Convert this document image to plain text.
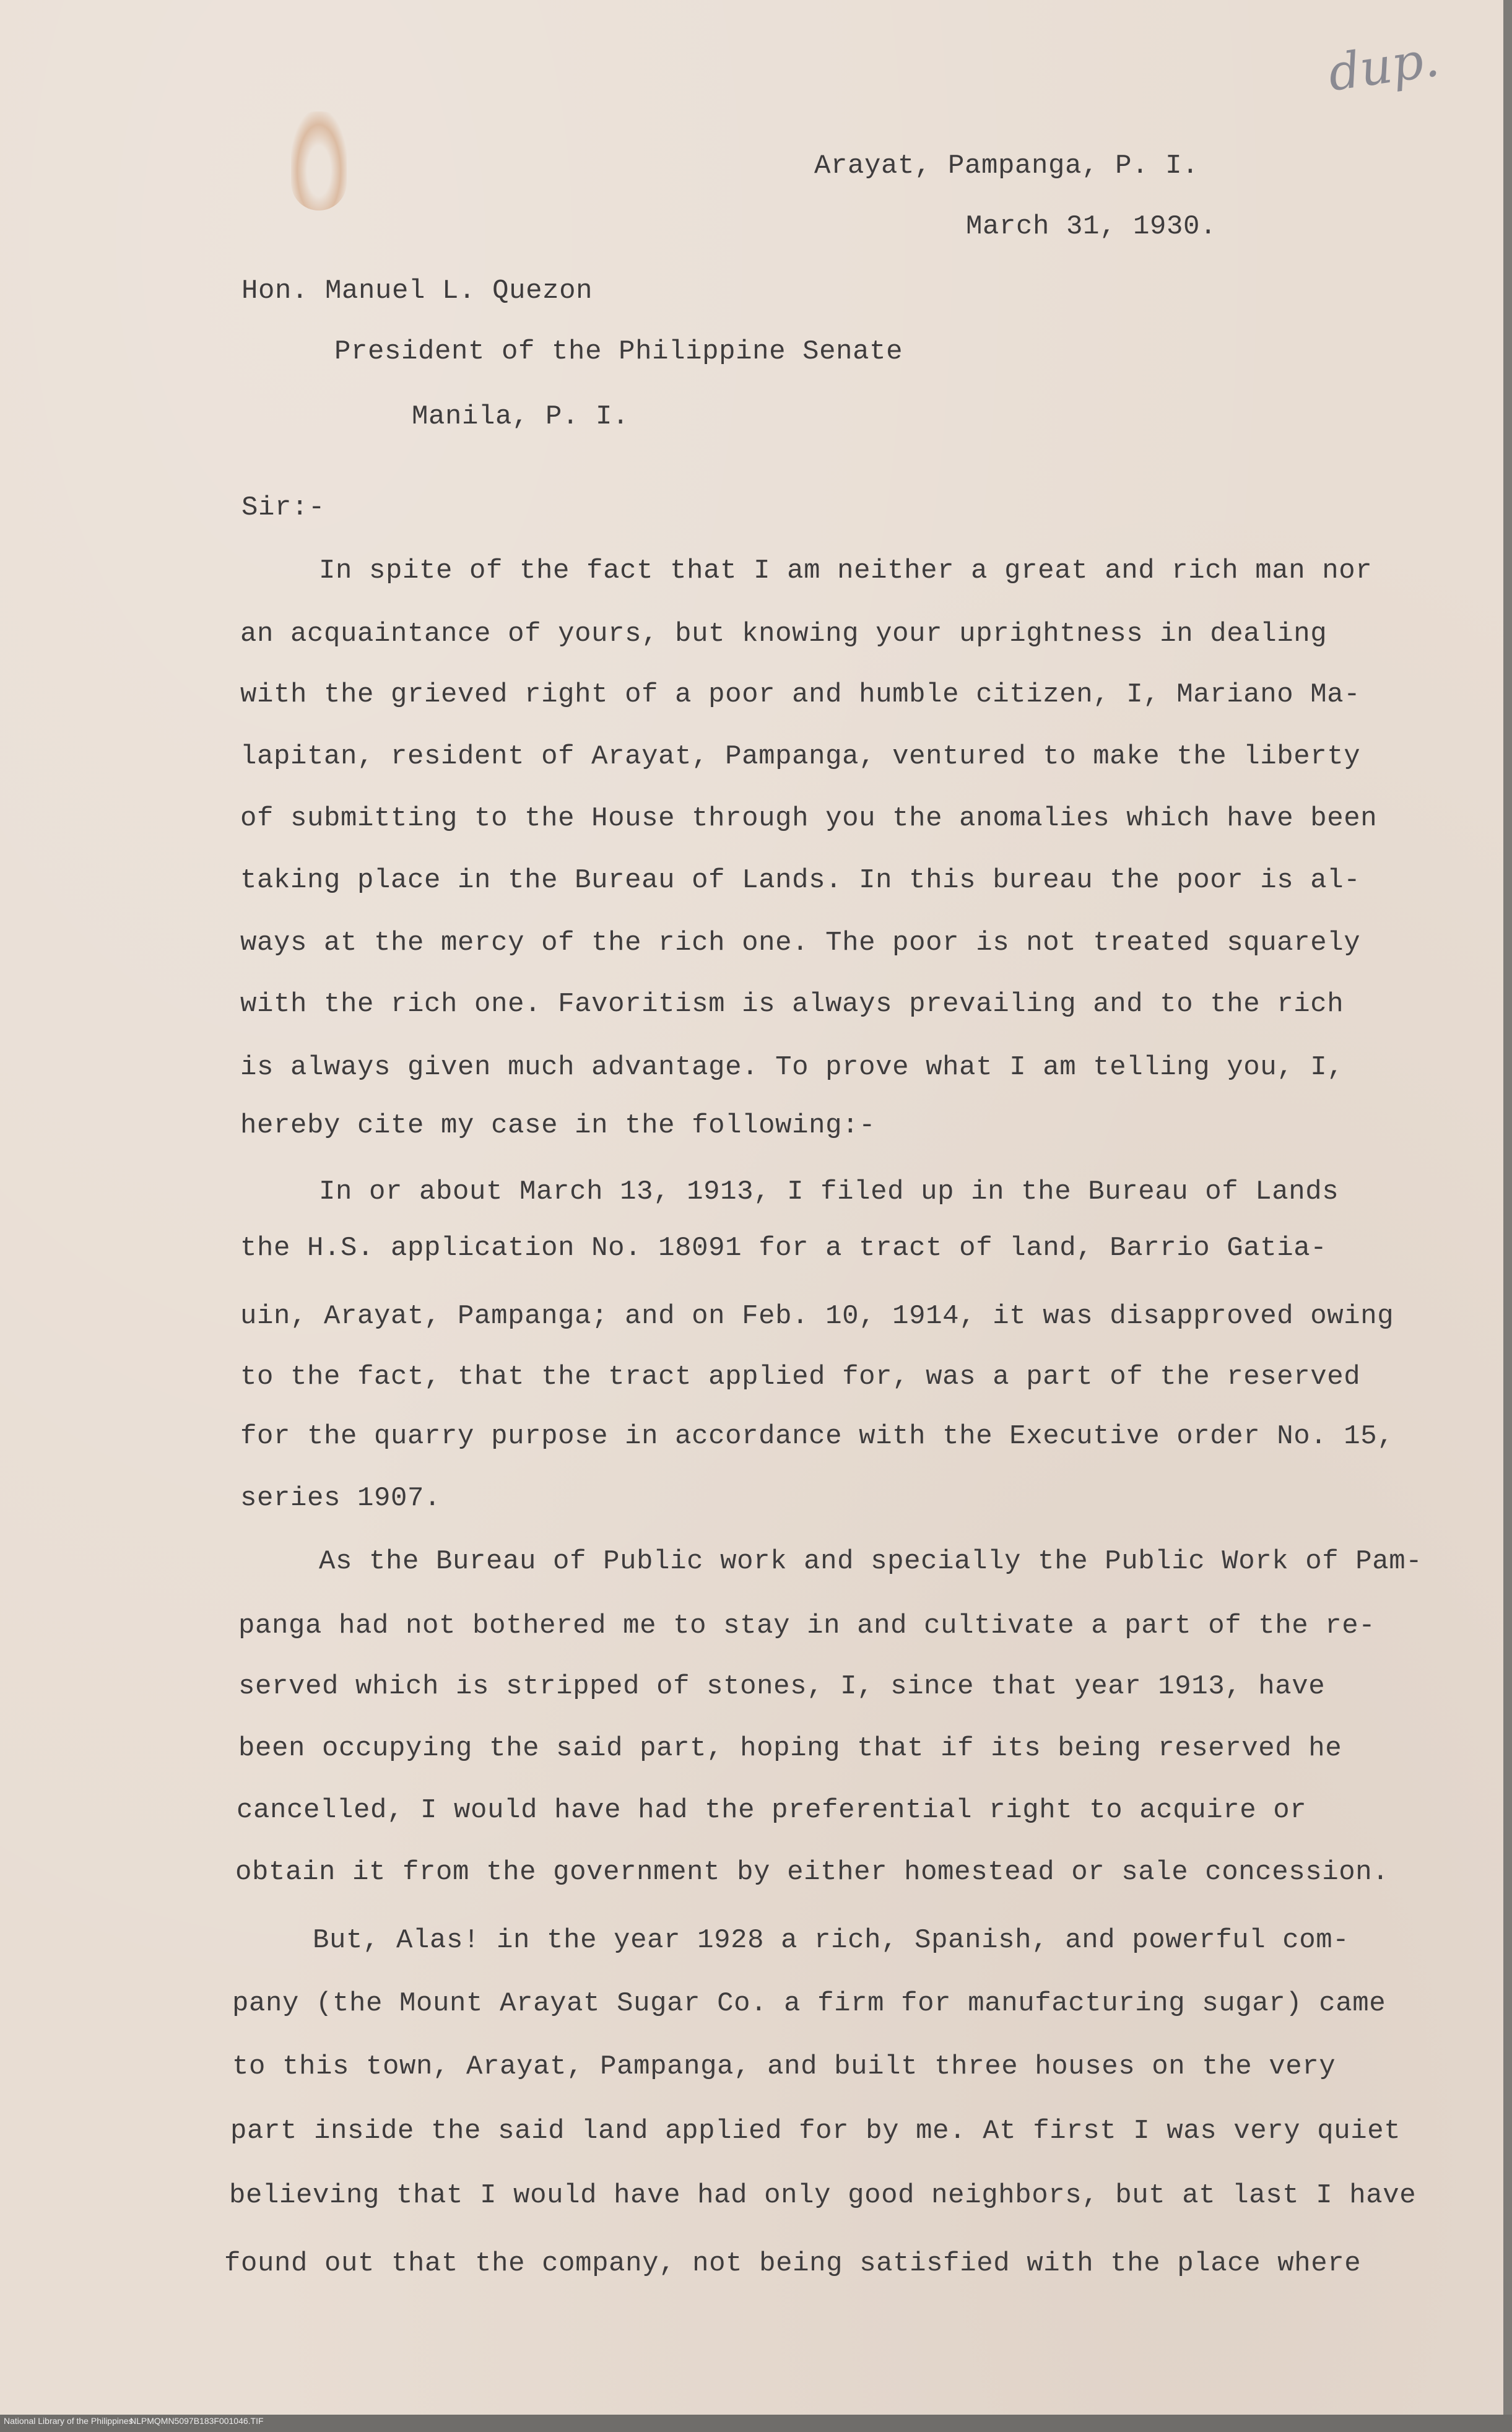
dup.
Arayat, Pampanga, P. I.
March 31, 1930.
Hon. Manuel L. Quezon
President of the Philippine Senate
Manila, P. I.
Sir:-
In spite of the fact that I am neither a great and rich man nor
an acquaintance of yours, but knowing your uprightness in dealing
with the grieved right of a poor and humble citizen, I, Mariano Ma-
lapitan, resident of Arayat, Pampanga, ventured to make the liberty
of submitting to the House through you the anomalies which have been
taking place in the Bureau of Lands. In this bureau the poor is al-
ways at the mercy of the rich one. The poor is not treated squarely
with the rich one. Favoritism is always prevailing and to the rich
is always given much advantage. To prove what I am telling you, I,
hereby cite my case in the following:-
In or about March 13, 1913, I filed up in the Bureau of Lands
the H.S. application No. 18091 for a tract of land, Barrio Gatia-
uin, Arayat, Pampanga; and on Feb. 10, 1914, it was disapproved owing
to the fact, that the tract applied for, was a part of the reserved
for the quarry purpose in accordance with the Executive order No. 15,
series 1907.
As the Bureau of Public work and specially the Public Work of Pam-
panga had not bothered me to stay in and cultivate a part of the re-
served which is stripped of stones, I, since that year 1913, have
been occupying the said part, hoping that if its being reserved he
cancelled, I would have had the preferential right to acquire or
obtain it from the government by either homestead or sale concession.
But, Alas! in the year 1928 a rich, Spanish, and powerful com-
pany (the Mount Arayat Sugar Co. a firm for manufacturing sugar) came
to this town, Arayat, Pampanga, and built three houses on the very
part inside the said land applied for by me. At first I was very quiet
believing that I would have had only good neighbors, but at last I have
found out that the company, not being satisfied with the place where
National Library of the Philippines
NLPMQMN5097B183F001046.TIF
